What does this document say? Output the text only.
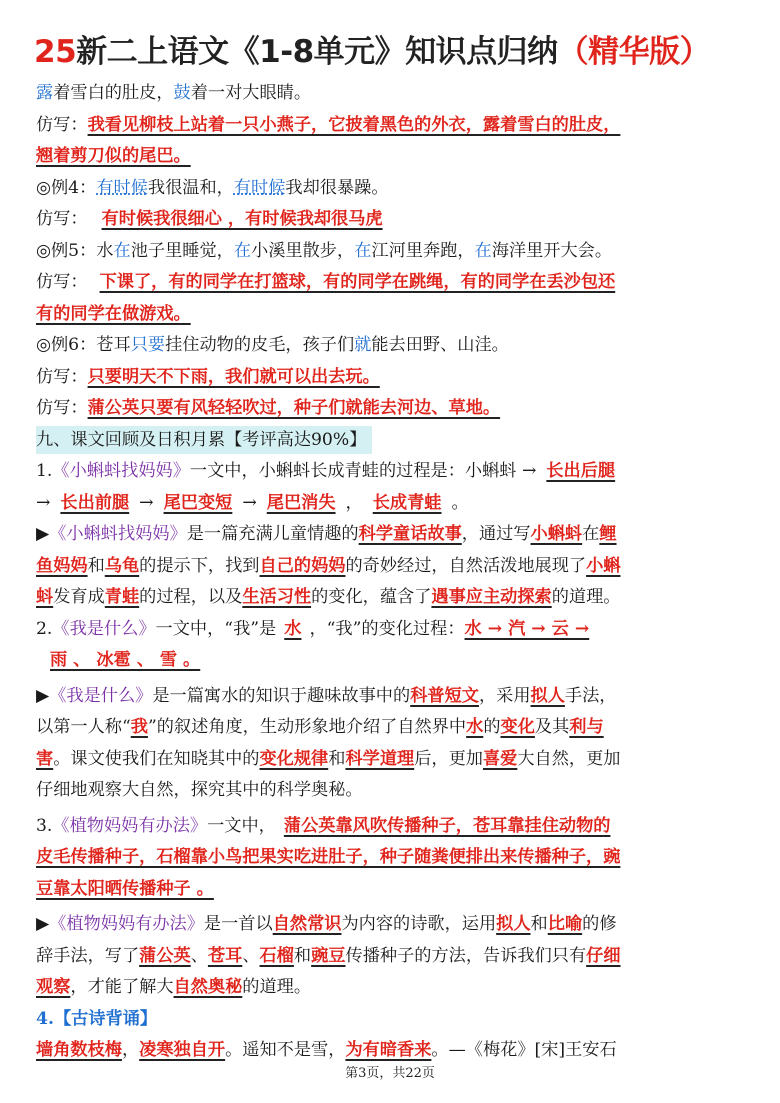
25新二上语文《1-8单元》知识点归纳（精华版）
露着雪白的肚皮，鼓着一对大眼睛。
仿写：我看见柳枝上站着一只小燕子，它披着黑色的外衣，露着雪白的肚皮，
翘着剪刀似的尾巴。
◎例4：有时候我很温和，有时候我却很暴躁。
仿写： 有时候我很细心 ，有时候我却很马虎
◎例5：水在池子里睡觉，在小溪里散步，在江河里奔跑，在海洋里开大会。
仿写： 下课了，有的同学在打篮球，有的同学在跳绳，有的同学在丢沙包还
有的同学在做游戏。
◎例6：苍耳只要挂住动物的皮毛，孩子们就能去田野、山洼。
仿写：只要明天不下雨，我们就可以出去玩。
仿写：蒲公英只要有风轻轻吹过，种子们就能去河边、草地。
九、课文回顾及日积月累【考评高达90%】
1.《小蝌蚪找妈妈》一文中，小蝌蚪长成青蛙的过程是：小蝌蚪 → 长出后腿
→ 长出前腿 → 尾巴变短 → 尾巴消失 ， 长成青蛙 。
▶《小蝌蚪找妈妈》是一篇充满儿童情趣的科学童话故事，通过写小蝌蚪在鲤
鱼妈妈和乌龟的提示下，找到自己的妈妈的奇妙经过，自然活泼地展现了小蝌
蚪发育成青蛙的过程，以及生活习性的变化，蕴含了遇事应主动探索的道理。
2.《我是什么》一文中，“我”是 水 ，“我”的变化过程：水 → 汽 → 云 →
雨 、 冰雹 、 雪 。
▶《我是什么》是一篇寓水的知识于趣味故事中的科普短文，采用拟人手法，
以第一人称“我”的叙述角度，生动形象地介绍了自然界中水的变化及其利与
害。课文使我们在知晓其中的变化规律和科学道理后，更加喜爱大自然，更加
仔细地观察大自然，探究其中的科学奥秘。
3.《植物妈妈有办法》一文中， 蒲公英靠风吹传播种子，苍耳靠挂住动物的
皮毛传播种子，石榴靠小鸟把果实吃进肚子，种子随粪便排出来传播种子，豌
豆靠太阳晒传播种子 。
▶《植物妈妈有办法》是一首以自然常识为内容的诗歌，运用拟人和比喻的修
辞手法，写了蒲公英、苍耳、石榴和豌豆传播种子的方法，告诉我们只有仔细
观察，才能了解大自然奥秘的道理。
4.【古诗背诵】
墙角数枝梅，凌寒独自开。遥知不是雪，为有暗香来。—《梅花》[宋]王安石
第3页，共22页
